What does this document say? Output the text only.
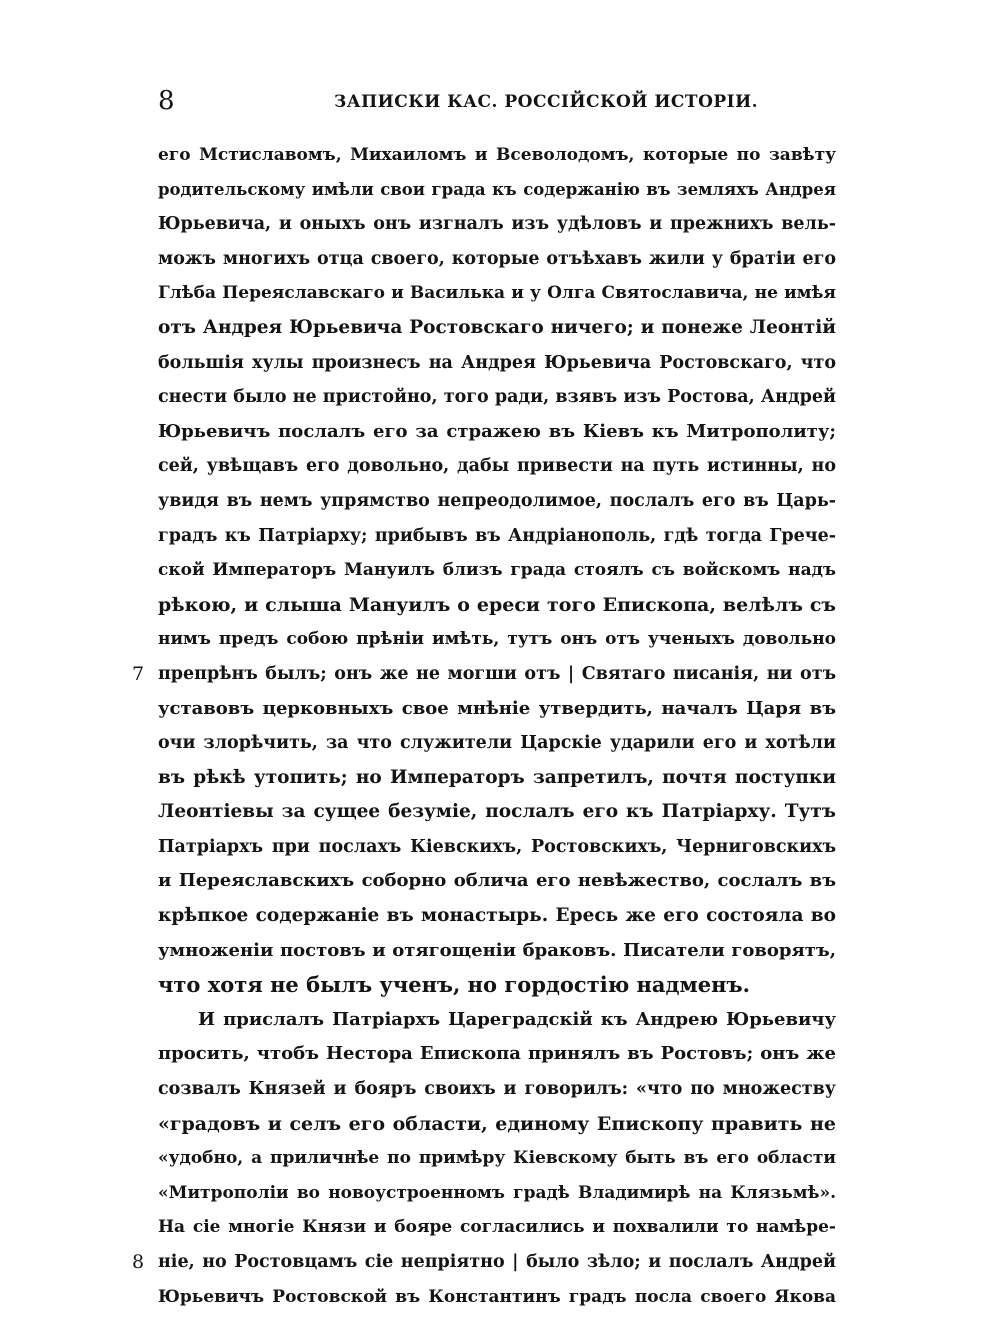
8	ЗАПИСКИ КАС. РОССІЙСКОЙ ИСТОРІИ.
его Мстиславомъ, Михаиломъ и Всеволодомъ, которые по завѣту
родительскому имѣли свои града къ содержанію въ земляхъ Андрея
Юрьевича, и оныхъ онъ изгналъ изъ удѣловъ и прежнихъ вель-
можъ многихъ отца своего, которые отъѣхавъ жили у братіи его
Глѣба Переяславскаго и Василька и у Олга Святославича, не имѣя
отъ Андрея Юрьевича Ростовскаго ничего; и понеже Леонтій
большія хулы произнесъ на Андрея Юрьевича Ростовскаго, что
снести было не пристойно, того ради, взявъ изъ Ростова, Андрей
Юрьевичъ послалъ его за стражею въ Кіевъ къ Митрополиту;
сей, увѣщавъ его довольно, дабы привести на путь истинны, но
увидя въ немъ упрямство непреодолимое, послалъ его въ Царь-
градъ къ Патріарху; прибывъ въ Андріанополь, гдѣ тогда Грече-
ской Императоръ Мануилъ близъ града стоялъ съ войскомъ надъ
рѣкою, и слыша Мануилъ о ереси того Епископа, велѣлъ съ
нимъ предъ собою прѣніи имѣть, тутъ онъ отъ ученыхъ довольно
7 препрѣнъ былъ; онъ же не могши отъ | Святаго писанія, ни отъ
уставовъ церковныхъ свое мнѣніе утвердить, началъ Царя въ
очи злорѣчить, за что служители Царскіе ударили его и хотѣли
въ рѣкѣ утопить; но Императоръ запретилъ, почтя поступки
Леонтіевы за сущее безуміе, послалъ его къ Патріарху. Тутъ
Патріархъ при послахъ Кіевскихъ, Ростовскихъ, Черниговскихъ
и Переяславскихъ соборно облича его невѣжество, сослалъ въ
крѣпкое содержаніе въ монастырь. Ересь же его состояла во
умноженіи постовъ и отягощеніи браковъ. Писатели говорятъ,
что хотя не былъ ученъ, но гордостію надменъ.
И прислалъ Патріархъ Цареградскій къ Андрею Юрьевичу
просить, чтобъ Нестора Епископа принялъ въ Ростовъ; онъ же
созвалъ Князей и бояръ своихъ и говорилъ: «что по множеству
«градовъ и селъ его области, единому Епископу править не
«удобно, а приличнѣе по примѣру Кіевскому быть въ его области
«Митрополіи во новоустроенномъ градѣ Владимирѣ на Клязьмѣ».
На сіе многіе Князи и бояре согласились и похвалили то намѣре-
8 ніе, но Ростовцамъ сіе непріятно | было зѣло; и послалъ Андрей
Юрьевичъ Ростовской въ Константинъ градъ посла своего Якова
